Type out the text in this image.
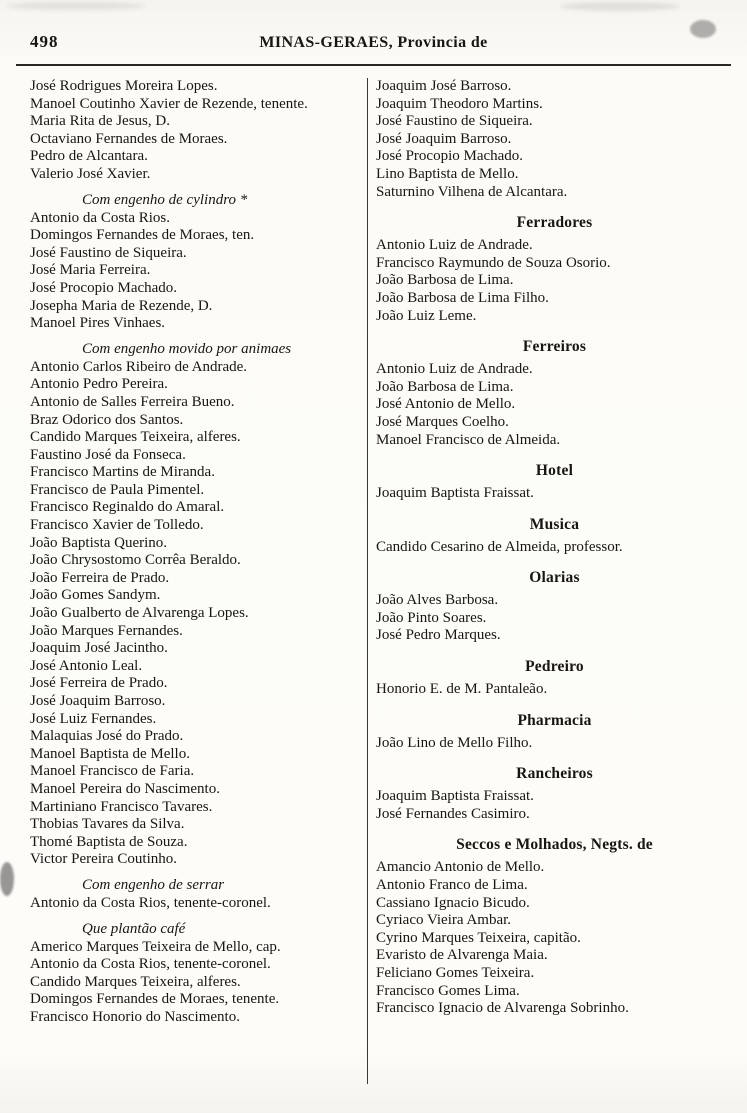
498	MINAS-GERAES, Provincia de
José Rodrigues Moreira Lopes.
Manoel Coutinho Xavier de Rezende, tenente.
Maria Rita de Jesus, D.
Octaviano Fernandes de Moraes.
Pedro de Alcantara.
Valerio José Xavier.
Com engenho de cylindro *
Antonio da Costa Rios.
Domingos Fernandes de Moraes, ten.
José Faustino de Siqueira.
José Maria Ferreira.
José Procopio Machado.
Josepha Maria de Rezende, D.
Manoel Pires Vinhaes.
Com engenho movido por animaes
Antonio Carlos Ribeiro de Andrade.
Antonio Pedro Pereira.
Antonio de Salles Ferreira Bueno.
Braz Odorico dos Santos.
Candido Marques Teixeira, alferes.
Faustino José da Fonseca.
Francisco Martins de Miranda.
Francisco de Paula Pimentel.
Francisco Reginaldo do Amaral.
Francisco Xavier de Tolledo.
João Baptista Querino.
João Chrysostomo Corrêa Beraldo.
João Ferreira de Prado.
João Gomes Sandym.
João Gualberto de Alvarenga Lopes.
João Marques Fernandes.
Joaquim José Jacintho.
José Antonio Leal.
José Ferreira de Prado.
José Joaquim Barroso.
José Luiz Fernandes.
Malaquias José do Prado.
Manoel Baptista de Mello.
Manoel Francisco de Faria.
Manoel Pereira do Nascimento.
Martiniano Francisco Tavares.
Thobias Tavares da Silva.
Thomé Baptista de Souza.
Victor Pereira Coutinho.
Com engenho de serrar
Antonio da Costa Rios, tenente-coronel.
Que plantão café
Americo Marques Teixeira de Mello, cap.
Antonio da Costa Rios, tenente-coronel.
Candido Marques Teixeira, alferes.
Domingos Fernandes de Moraes, tenente.
Francisco Honorio do Nascimento.
Joaquim José Barroso.
Joaquim Theodoro Martins.
José Faustino de Siqueira.
José Joaquim Barroso.
José Procopio Machado.
Lino Baptista de Mello.
Saturnino Vilhena de Alcantara.
Ferradores
Antonio Luiz de Andrade.
Francisco Raymundo de Souza Osorio.
João Barbosa de Lima.
João Barbosa de Lima Filho.
João Luiz Leme.
Ferreiros
Antonio Luiz de Andrade.
João Barbosa de Lima.
José Antonio de Mello.
José Marques Coelho.
Manoel Francisco de Almeida.
Hotel
Joaquim Baptista Fraissat.
Musica
Candido Cesarino de Almeida, professor.
Olarias
João Alves Barbosa.
João Pinto Soares.
José Pedro Marques.
Pedreiro
Honorio E. de M. Pantaleão.
Pharmacia
João Lino de Mello Filho.
Rancheiros
Joaquim Baptista Fraissat.
José Fernandes Casimiro.
Seccos e Molhados, Negts. de
Amancio Antonio de Mello.
Antonio Franco de Lima.
Cassiano Ignacio Bicudo.
Cyriaco Vieira Ambar.
Cyrino Marques Teixeira, capitão.
Evaristo de Alvarenga Maia.
Feliciano Gomes Teixeira.
Francisco Gomes Lima.
Francisco Ignacio de Alvarenga Sobrinho.
